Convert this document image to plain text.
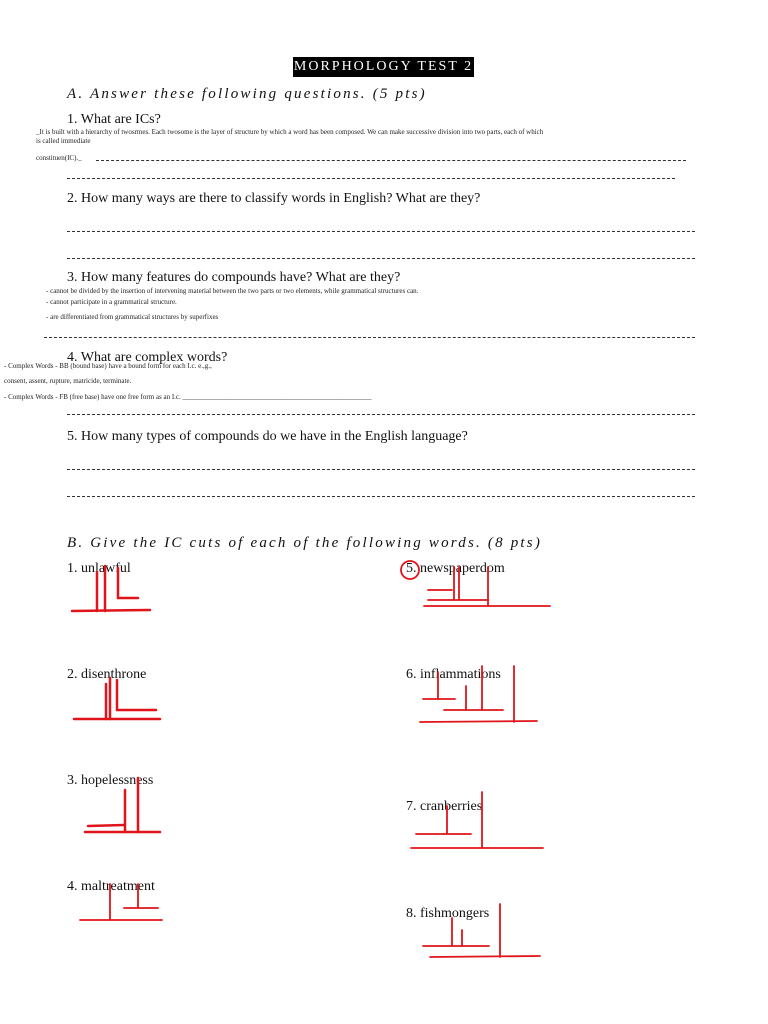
MORPHOLOGY TEST 2
A. Answer these following questions. (5 pts)
1. What are ICs?
_It is built with a hierarchy of twosrmes. Each twosome is the layer of structure by which a word has been composed. We can make successive division into two parts, each of which
is called immediate
constituen(IC)._
2. How many ways are there to classify words in English? What are they?
3. How many features do compounds have? What are they?
- cannot be divided by the insertion of intervening material between the two parts or two elements, while grammatical structures can.
- cannot participate in a grammatical structure.
- are differentiated from grammatical structures by superfixes
4. What are complex words?
- Complex Words - BB (bound base) have a bound form for each I.c. e.,g.,
consent, assent, rupture, matricide, terminate.
- Complex Words - FB (free base) have one free form as an I.c. ______________________________________________________
5. How many types of compounds do we have in the English language?
B. Give the IC cuts of each of the following words. (8 pts)
1. unlawful
2. disenthrone
3. hopelessness
4. maltreatment
5. newspaperdom
6. inflammations
7. cranberries
8. fishmongers
